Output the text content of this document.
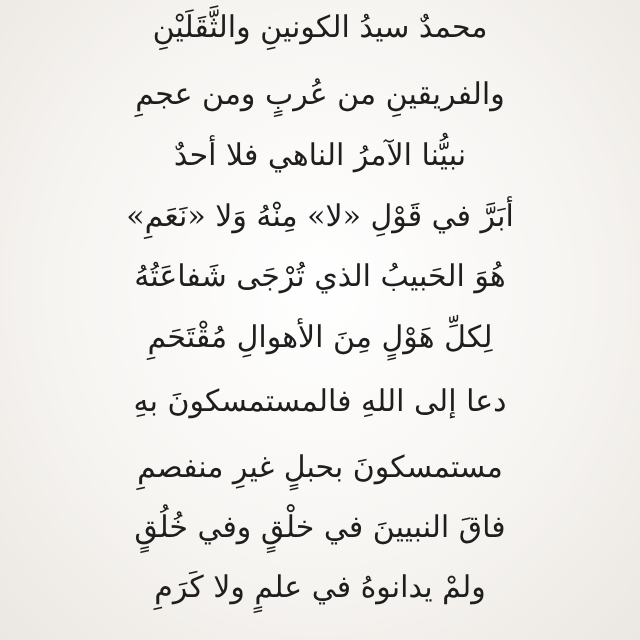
محمدٌ سيدُ الكونينِ والثَّقَلَيْنِ
والفريقينِ من عُربٍ ومن عجمِ
نبيُّنا الآمرُ الناهي فلا أحدٌ
أبَرَّ في قَوْلِ «لا» مِنْهُ وَلا «نَعَمِ»
هُوَ الحَبيبُ الذي تُرْجَى شَفاعَتُهُ
لِكلِّ هَوْلٍ مِنَ الأهوالِ مُقْتَحَمِ
دعا إلى اللهِ فالمستمسكونَ بهِ
مستمسكونَ بحبلٍ غيرِ منفصمِ
فاقَ النبيينَ في خلْقٍ وفي خُلُقٍ
ولمْ يدانوهُ في علمٍ ولا كَرَمِ
